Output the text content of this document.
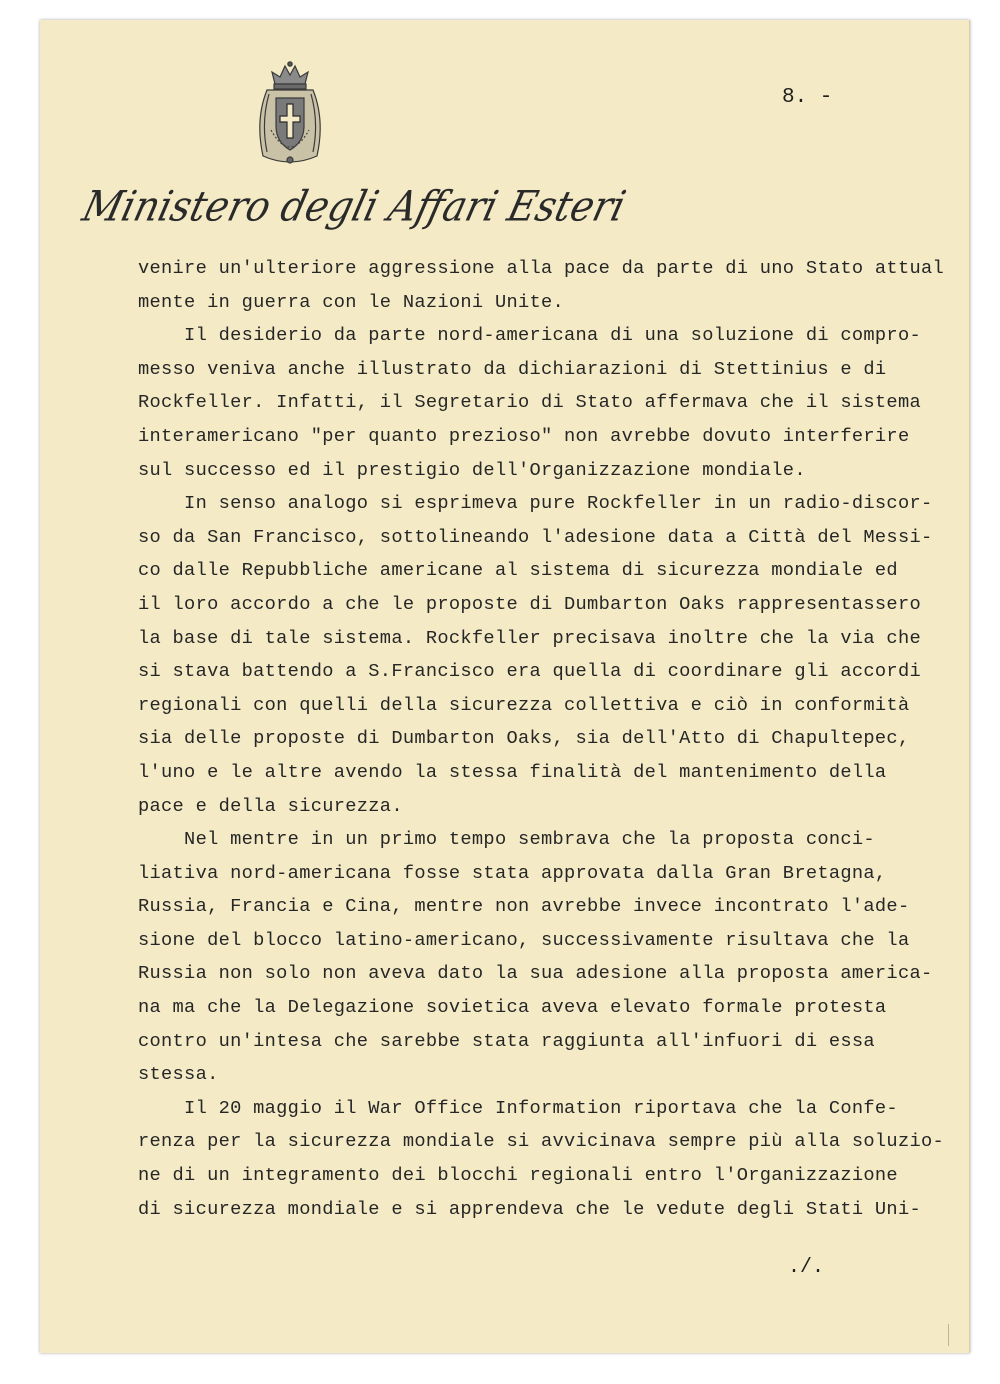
Ministero degli Affari Esteri
8. -
venire un'ulteriore aggressione alla pace da parte di uno Stato attual
mente in guerra con le Nazioni Unite.
Il desiderio da parte nord-americana di una soluzione di compro-
messo veniva anche illustrato da dichiarazioni di Stettinius e di
Rockfeller. Infatti, il Segretario di Stato affermava che il sistema
interamericano "per quanto prezioso" non avrebbe dovuto interferire
sul successo ed il prestigio dell'Organizzazione mondiale.
In senso analogo si esprimeva pure Rockfeller in un radio-discor-
so da San Francisco, sottolineando l'adesione data a Città del Messi-
co dalle Repubbliche americane al sistema di sicurezza mondiale ed
il loro accordo a che le proposte di Dumbarton Oaks rappresentassero
la base di tale sistema. Rockfeller precisava inoltre che la via che
si stava battendo a S.Francisco era quella di coordinare gli accordi
regionali con quelli della sicurezza collettiva e ciò in conformità
sia delle proposte di Dumbarton Oaks, sia dell'Atto di Chapultepec,
l'uno e le altre avendo la stessa finalità del mantenimento della
pace e della sicurezza.
Nel mentre in un primo tempo sembrava che la proposta conci-
liativa nord-americana fosse stata approvata dalla Gran Bretagna,
Russia, Francia e Cina, mentre non avrebbe invece incontrato l'ade-
sione del blocco latino-americano, successivamente risultava che la
Russia non solo non aveva dato la sua adesione alla proposta america-
na ma che la Delegazione sovietica aveva elevato formale protesta
contro un'intesa che sarebbe stata raggiunta all'infuori di essa
stessa.
Il 20 maggio il War Office Information riportava che la Confe-
renza per la sicurezza mondiale si avvicinava sempre più alla soluzio-
ne di un integramento dei blocchi regionali entro l'Organizzazione
di sicurezza mondiale e si apprendeva che le vedute degli Stati Uni-
./.
